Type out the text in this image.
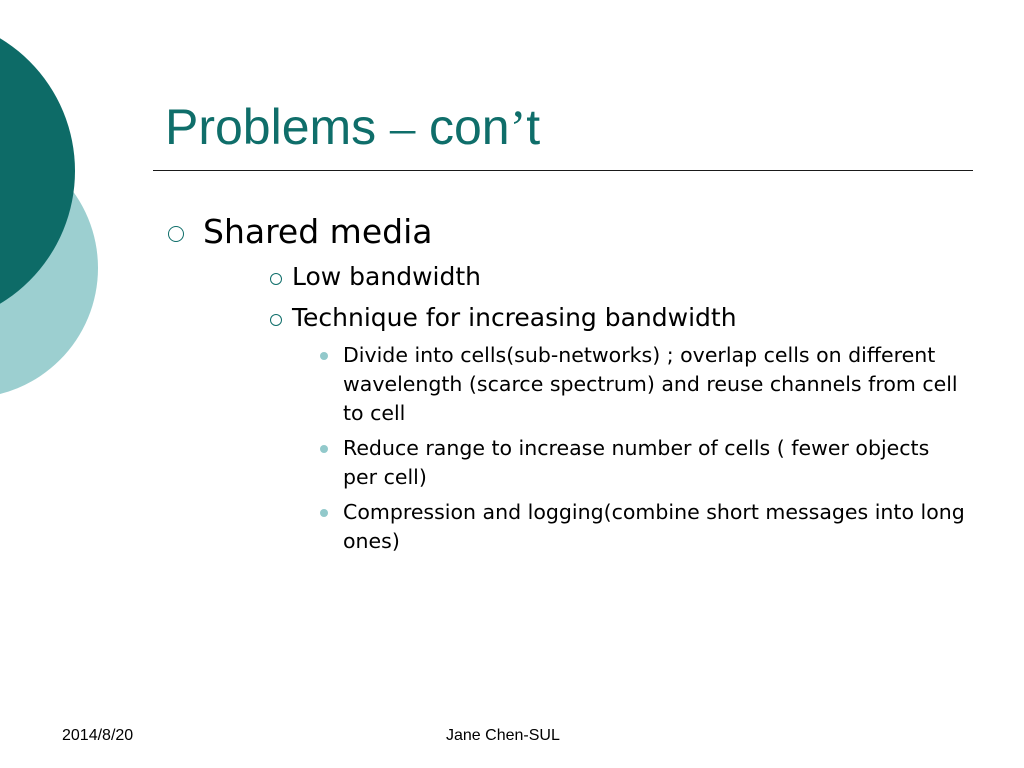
Problems – con’t
Shared media
Low bandwidth
Technique for increasing bandwidth
Divide into cells(sub-networks) ; overlap cells on different wavelength (scarce spectrum) and reuse channels from cell to cell
Reduce range to increase number of cells ( fewer objects per cell)
Compression and logging(combine short messages into long ones)
2014/8/20	Jane Chen-SUL
